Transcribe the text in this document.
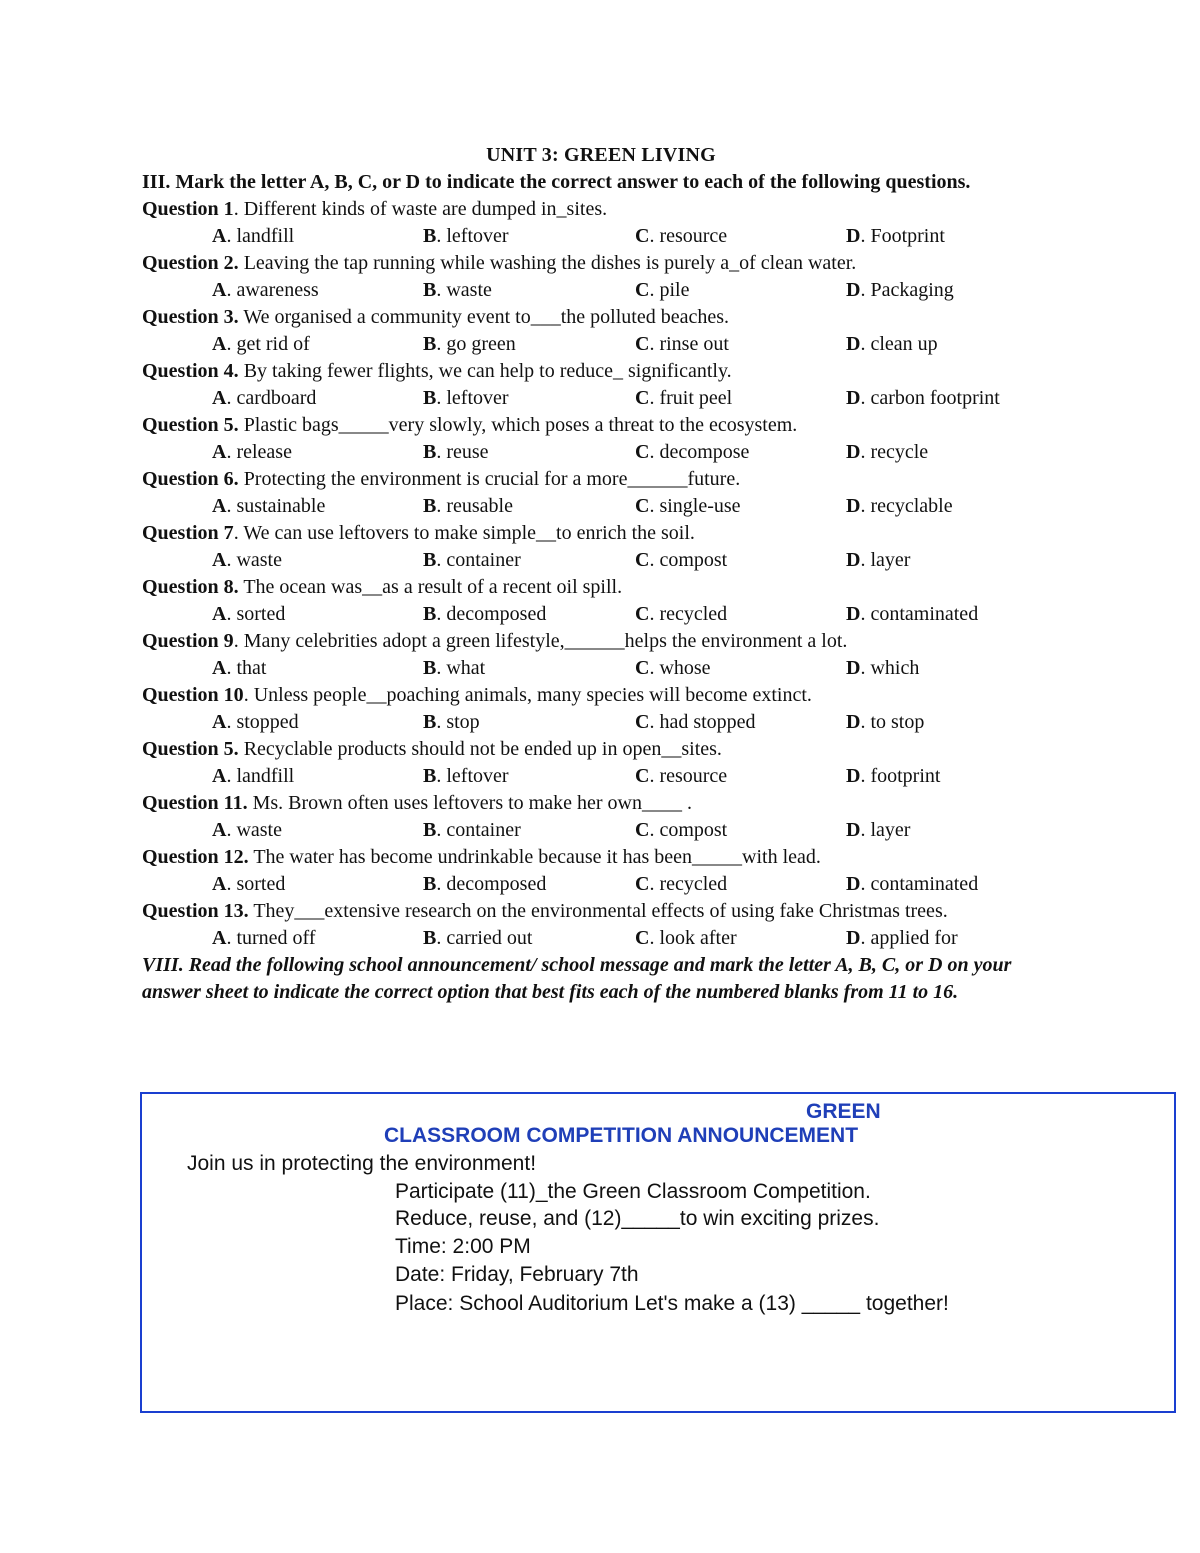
UNIT 3: GREEN LIVING
III. Mark the letter A, B, C, or D to indicate the correct answer to each of the following questions.
Question 1. Different kinds of waste are dumped in_sites.
A. landfill	B. leftover	C. resource	D. Footprint
Question 2. Leaving the tap running while washing the dishes is purely a_of clean water.
A. awareness	B. waste	C. pile	D. Packaging
Question 3. We organised a community event to___the polluted beaches.
A. get rid of	B. go green	C. rinse out	D. clean up
Question 4. By taking fewer flights, we can help to reduce_ significantly.
A. cardboard	B. leftover	C. fruit peel	D. carbon footprint
Question 5. Plastic bags_____very slowly, which poses a threat to the ecosystem.
A. release	B. reuse	C. decompose	D. recycle
Question 6. Protecting the environment is crucial for a more______future.
A. sustainable	B. reusable	C. single-use	D. recyclable
Question 7. We can use leftovers to make simple__to enrich the soil.
A. waste	B. container	C. compost	D. layer
Question 8. The ocean was__as a result of a recent oil spill.
A. sorted	B. decomposed	C. recycled	D. contaminated
Question 9. Many celebrities adopt a green lifestyle,______helps the environment a lot.
A. that	B. what	C. whose	D. which
Question 10. Unless people__poaching animals, many species will become extinct.
A. stopped	B. stop	C. had stopped	D. to stop
Question 5. Recyclable products should not be ended up in open__sites.
A. landfill	B. leftover	C. resource	D. footprint
Question 11. Ms. Brown often uses leftovers to make her own____ .
A. waste	B. container	C. compost	D. layer
Question 12. The water has become undrinkable because it has been_____with lead.
A. sorted	B. decomposed	C. recycled	D. contaminated
Question 13. They___extensive research on the environmental effects of using fake Christmas trees.
A. turned off	B. carried out	C. look after	D. applied for
VIII. Read the following school announcement/ school message and mark the letter A, B, C, or D on your answer sheet to indicate the correct option that best fits each of the numbered blanks from 11 to 16.
GREEN
CLASSROOM COMPETITION ANNOUNCEMENT
Join us in protecting the environment!
Participate (11)_the Green Classroom Competition.
Reduce, reuse, and (12)_____to win exciting prizes.
Time: 2:00 PM
Date: Friday, February 7th
Place: School Auditorium Let's make a (13) _____ together!
